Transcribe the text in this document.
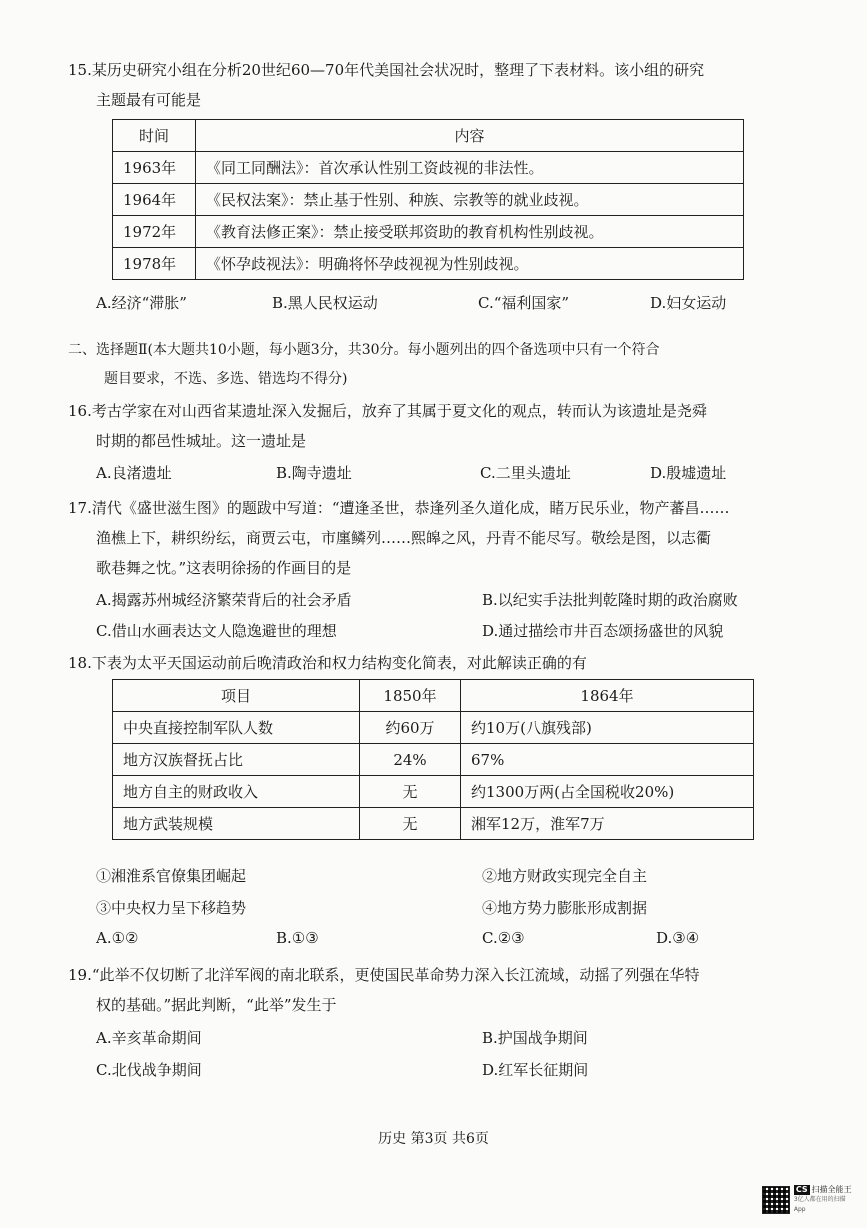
15.某历史研究小组在分析20世纪60—70年代美国社会状况时，整理了下表材料。该小组的研究
主题最有可能是
时间	内容
1963年	《同工同酬法》：首次承认性别工资歧视的非法性。
1964年	《民权法案》：禁止基于性别、种族、宗教等的就业歧视。
1972年	《教育法修正案》：禁止接受联邦资助的教育机构性别歧视。
1978年	《怀孕歧视法》：明确将怀孕歧视视为性别歧视。
A.经济“滞胀”	B.黑人民权运动	C.“福利国家”	D.妇女运动
二、选择题Ⅱ(本大题共10小题，每小题3分，共30分。每小题列出的四个备选项中只有一个符合
题目要求，不选、多选、错选均不得分)
16.考古学家在对山西省某遗址深入发掘后，放弃了其属于夏文化的观点，转而认为该遗址是尧舜
时期的都邑性城址。这一遗址是
A.良渚遗址	B.陶寺遗址	C.二里头遗址	D.殷墟遗址
17.清代《盛世滋生图》的题跋中写道：“遭逢圣世，恭逢列圣久道化成，睹万民乐业，物产蕃昌……
渔樵上下，耕织纷纭，商贾云屯，市廛鳞列……熙皞之风，丹青不能尽写。敬绘是图，以志衢
歌巷舞之忱。”这表明徐扬的作画目的是
A.揭露苏州城经济繁荣背后的社会矛盾	B.以纪实手法批判乾隆时期的政治腐败
C.借山水画表达文人隐逸避世的理想	D.通过描绘市井百态颂扬盛世的风貌
18.下表为太平天国运动前后晚清政治和权力结构变化简表，对此解读正确的有
项目	1850年	1864年
中央直接控制军队人数	约60万	约10万(八旗残部)
地方汉族督抚占比	24%	67%
地方自主的财政收入	无	约1300万两(占全国税收20%)
地方武装规模	无	湘军12万，淮军7万
①湘淮系官僚集团崛起	②地方财政实现完全自主
③中央权力呈下移趋势	④地方势力膨胀形成割据
A.①②	B.①③	C.②③	D.③④
19.“此举不仅切断了北洋军阀的南北联系，更使国民革命势力深入长江流域，动摇了列强在华特
权的基础。”据此判断，“此举”发生于
A.辛亥革命期间	B.护国战争期间
C.北伐战争期间	D.红军长征期间
历史 第3页 共6页
CS 扫描全能王
3亿人都在用的扫描App
